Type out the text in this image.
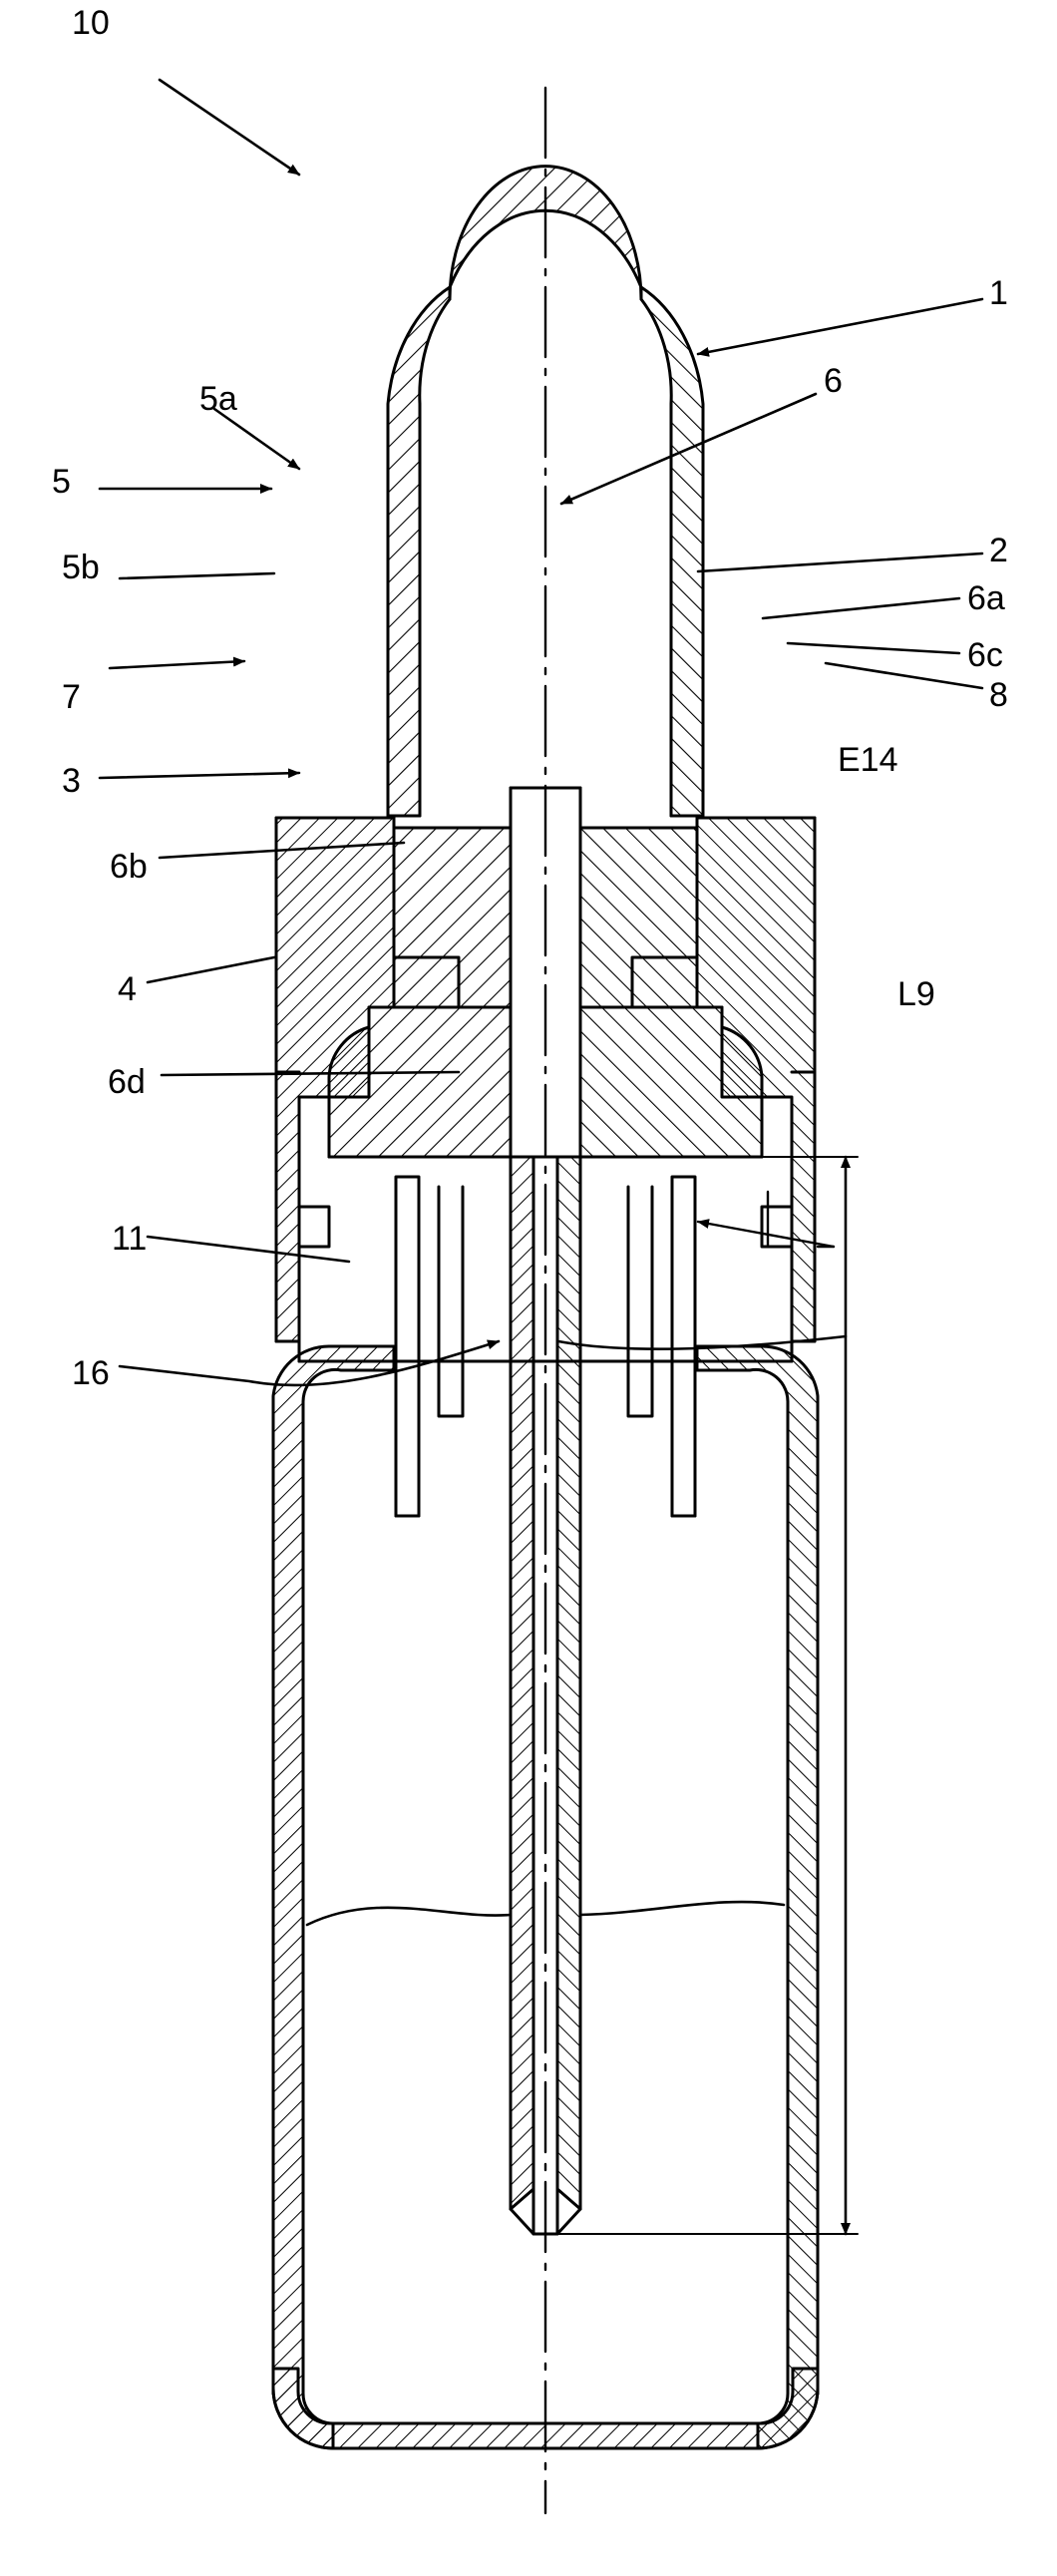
10
1
6
5a
5
2
5b
6a
6c
8
7
E14
3
6b
L9
4
6d
11
16
